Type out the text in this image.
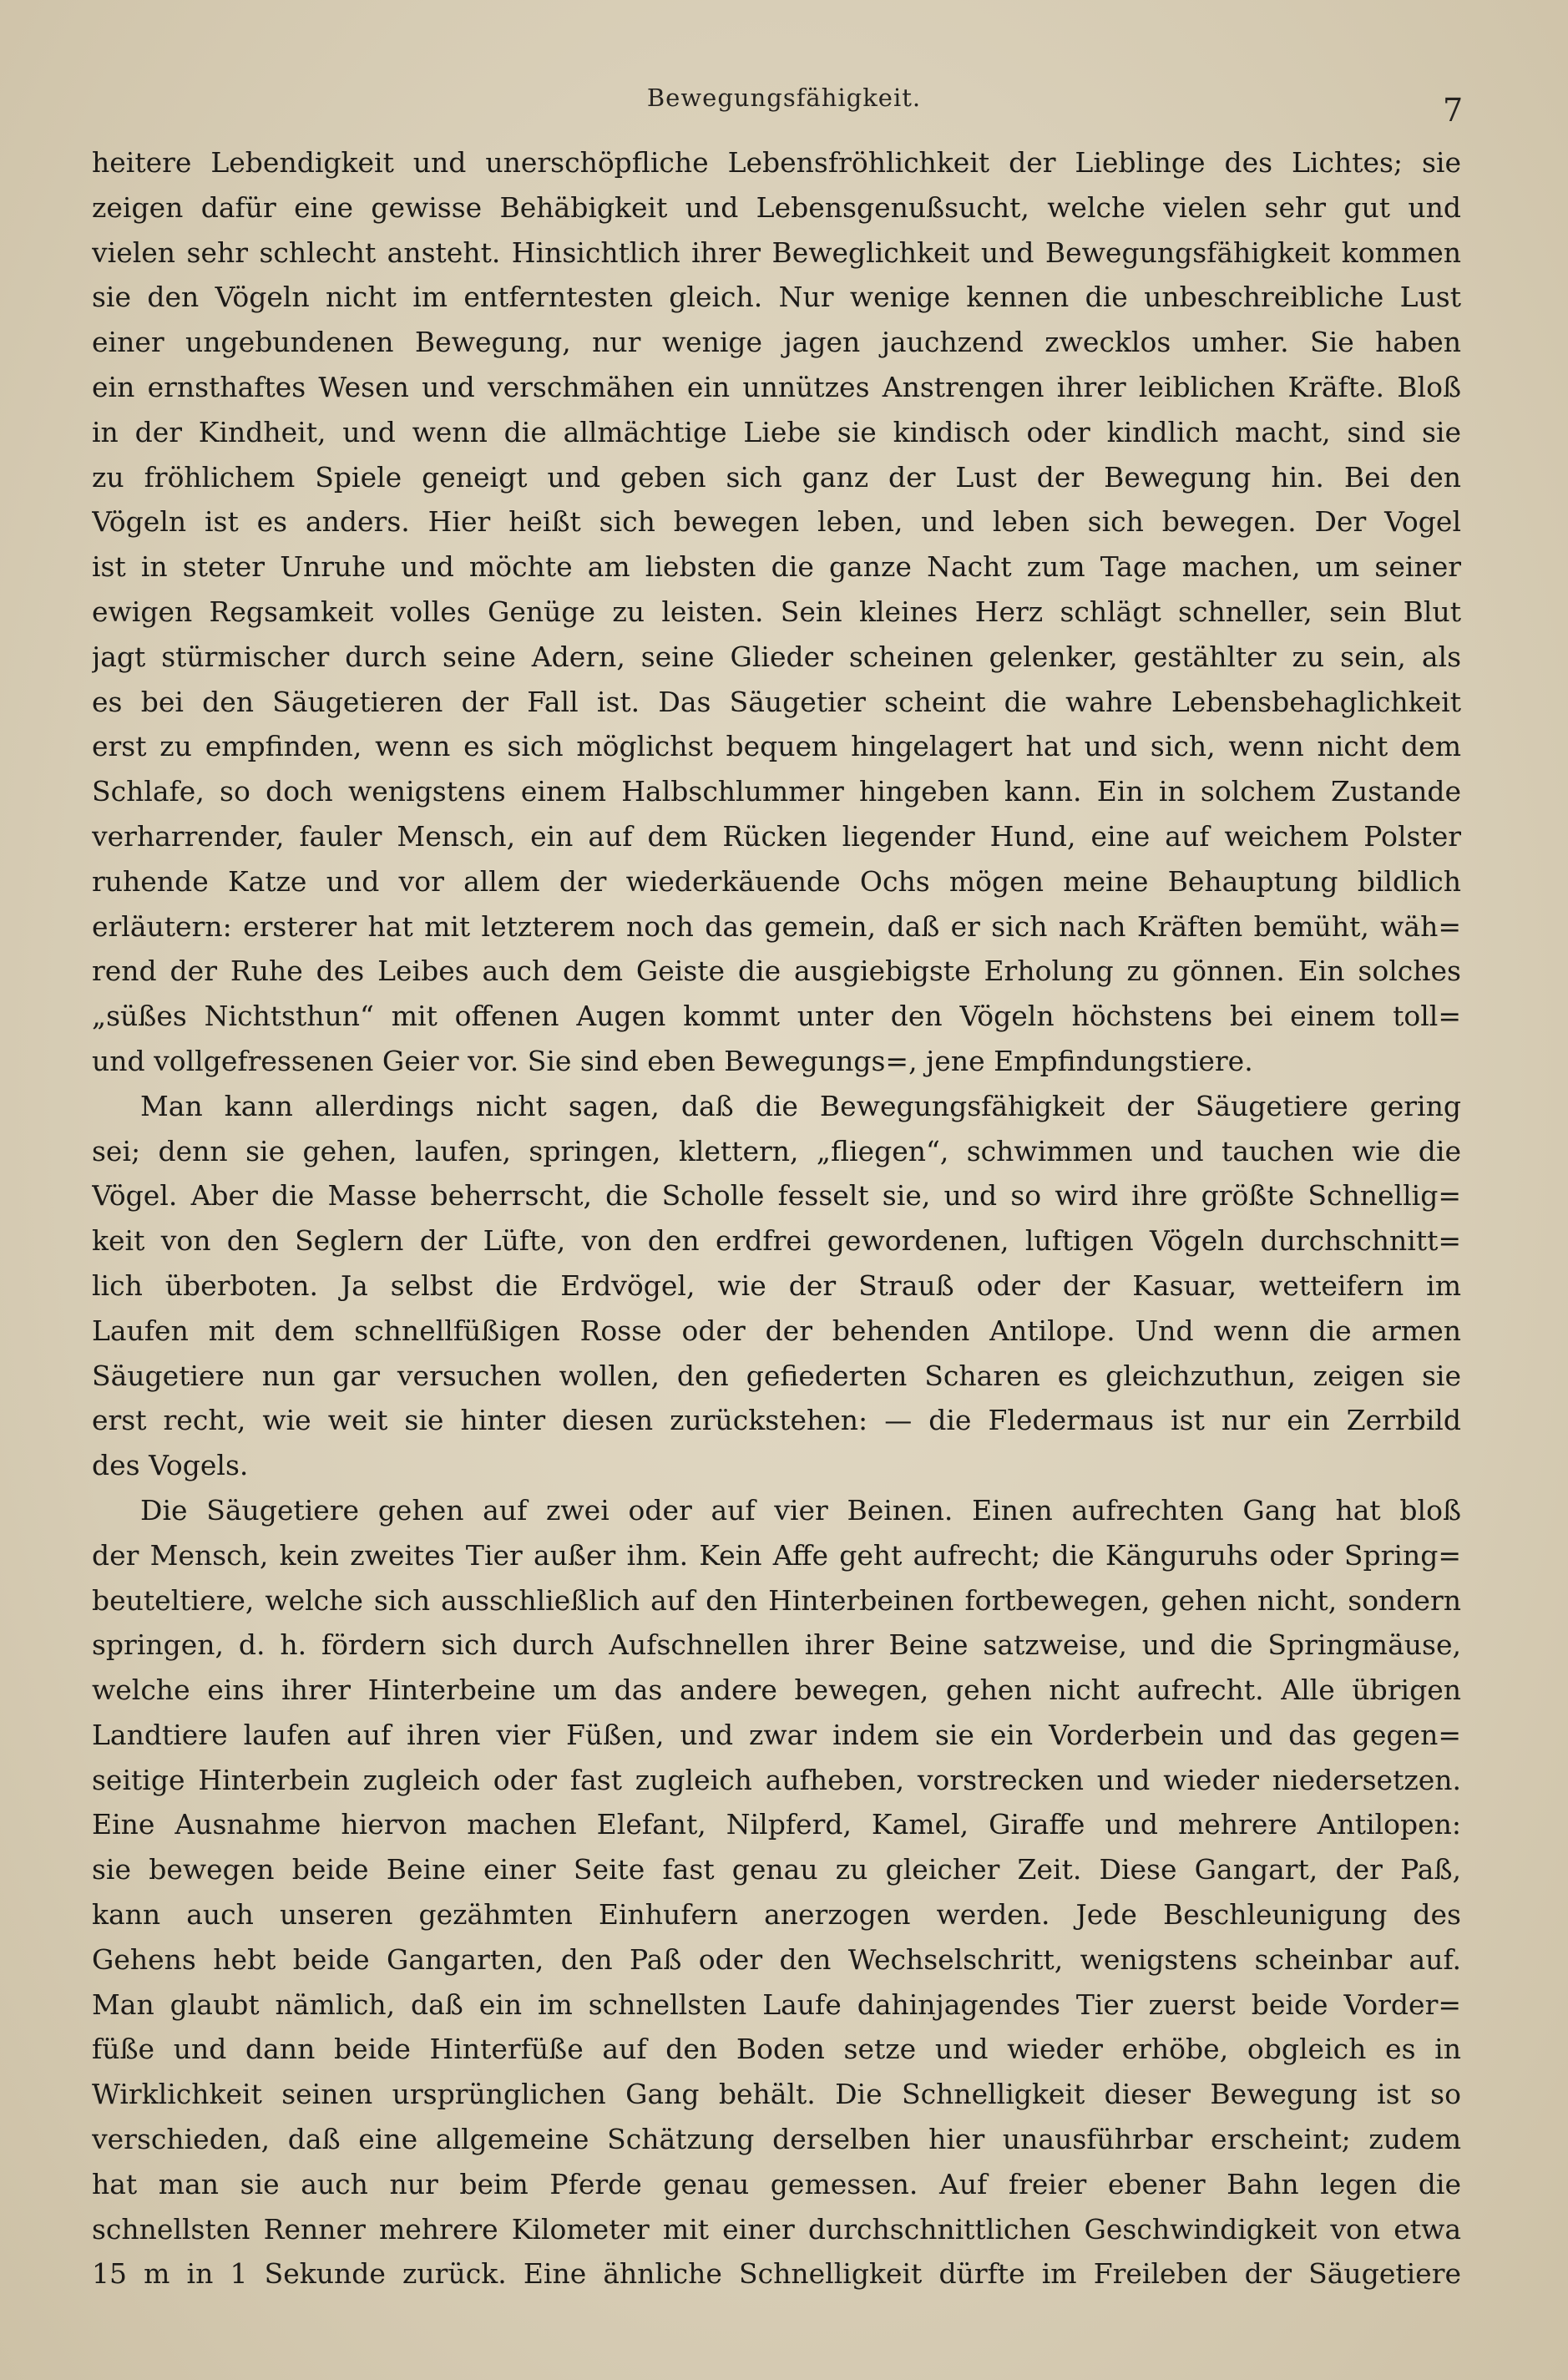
Bewegungsfähigkeit.	7
heitere Lebendigkeit und unerschöpfliche Lebensfröhlichkeit der Lieblinge des Lichtes; sie
zeigen dafür eine gewisse Behäbigkeit und Lebensgenußsucht, welche vielen sehr gut und
vielen sehr schlecht ansteht. Hinsichtlich ihrer Beweglichkeit und Bewegungsfähigkeit kommen
sie den Vögeln nicht im entferntesten gleich. Nur wenige kennen die unbeschreibliche Lust
einer ungebundenen Bewegung, nur wenige jagen jauchzend zwecklos umher. Sie haben
ein ernsthaftes Wesen und verschmähen ein unnützes Anstrengen ihrer leiblichen Kräfte. Bloß
in der Kindheit, und wenn die allmächtige Liebe sie kindisch oder kindlich macht, sind sie
zu fröhlichem Spiele geneigt und geben sich ganz der Lust der Bewegung hin. Bei den
Vögeln ist es anders. Hier heißt sich bewegen leben, und leben sich bewegen. Der Vogel
ist in steter Unruhe und möchte am liebsten die ganze Nacht zum Tage machen, um seiner
ewigen Regsamkeit volles Genüge zu leisten. Sein kleines Herz schlägt schneller, sein Blut
jagt stürmischer durch seine Adern, seine Glieder scheinen gelenker, gestählter zu sein, als
es bei den Säugetieren der Fall ist. Das Säugetier scheint die wahre Lebensbehaglichkeit
erst zu empfinden, wenn es sich möglichst bequem hingelagert hat und sich, wenn nicht dem
Schlafe, so doch wenigstens einem Halbschlummer hingeben kann. Ein in solchem Zustande
verharrender, fauler Mensch, ein auf dem Rücken liegender Hund, eine auf weichem Polster
ruhende Katze und vor allem der wiederkäuende Ochs mögen meine Behauptung bildlich
erläutern: ersterer hat mit letzterem noch das gemein, daß er sich nach Kräften bemüht, wäh=
rend der Ruhe des Leibes auch dem Geiste die ausgiebigste Erholung zu gönnen. Ein solches
„süßes Nichtsthun“ mit offenen Augen kommt unter den Vögeln höchstens bei einem toll=
und vollgefressenen Geier vor. Sie sind eben Bewegungs=, jene Empfindungstiere.
Man kann allerdings nicht sagen, daß die Bewegungsfähigkeit der Säugetiere gering
sei; denn sie gehen, laufen, springen, klettern, „fliegen“, schwimmen und tauchen wie die
Vögel. Aber die Masse beherrscht, die Scholle fesselt sie, und so wird ihre größte Schnellig=
keit von den Seglern der Lüfte, von den erdfrei gewordenen, luftigen Vögeln durchschnitt=
lich überboten. Ja selbst die Erdvögel, wie der Strauß oder der Kasuar, wetteifern im
Laufen mit dem schnellfüßigen Rosse oder der behenden Antilope. Und wenn die armen
Säugetiere nun gar versuchen wollen, den gefiederten Scharen es gleichzuthun, zeigen sie
erst recht, wie weit sie hinter diesen zurückstehen: — die Fledermaus ist nur ein Zerrbild
des Vogels.
Die Säugetiere gehen auf zwei oder auf vier Beinen. Einen aufrechten Gang hat bloß
der Mensch, kein zweites Tier außer ihm. Kein Affe geht aufrecht; die Känguruhs oder Spring=
beuteltiere, welche sich ausschließlich auf den Hinterbeinen fortbewegen, gehen nicht, sondern
springen, d. h. fördern sich durch Aufschnellen ihrer Beine satzweise, und die Springmäuse,
welche eins ihrer Hinterbeine um das andere bewegen, gehen nicht aufrecht. Alle übrigen
Landtiere laufen auf ihren vier Füßen, und zwar indem sie ein Vorderbein und das gegen=
seitige Hinterbein zugleich oder fast zugleich aufheben, vorstrecken und wieder niedersetzen.
Eine Ausnahme hiervon machen Elefant, Nilpferd, Kamel, Giraffe und mehrere Antilopen:
sie bewegen beide Beine einer Seite fast genau zu gleicher Zeit. Diese Gangart, der Paß,
kann auch unseren gezähmten Einhufern anerzogen werden. Jede Beschleunigung des
Gehens hebt beide Gangarten, den Paß oder den Wechselschritt, wenigstens scheinbar auf.
Man glaubt nämlich, daß ein im schnellsten Laufe dahinjagendes Tier zuerst beide Vorder=
füße und dann beide Hinterfüße auf den Boden setze und wieder erhöbe, obgleich es in
Wirklichkeit seinen ursprünglichen Gang behält. Die Schnelligkeit dieser Bewegung ist so
verschieden, daß eine allgemeine Schätzung derselben hier unausführbar erscheint; zudem
hat man sie auch nur beim Pferde genau gemessen. Auf freier ebener Bahn legen die
schnellsten Renner mehrere Kilometer mit einer durchschnittlichen Geschwindigkeit von etwa
15 m in 1 Sekunde zurück. Eine ähnliche Schnelligkeit dürfte im Freileben der Säugetiere
